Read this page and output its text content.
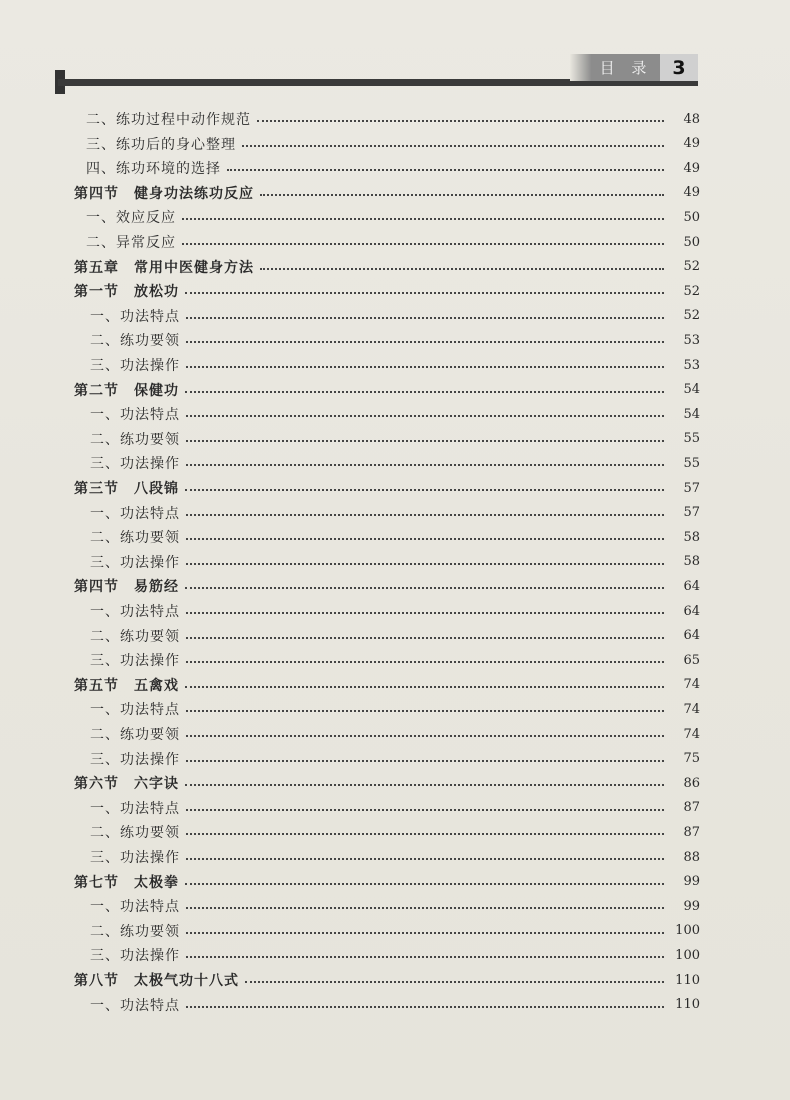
目 录	3
二、练功过程中动作规范	48
三、练功后的身心整理	49
四、练功环境的选择	49
第四节　健身功法练功反应	49
一、效应反应	50
二、异常反应	50
第五章　常用中医健身方法	52
第一节　放松功	52
一、功法特点	52
二、练功要领	53
三、功法操作	53
第二节　保健功	54
一、功法特点	54
二、练功要领	55
三、功法操作	55
第三节　八段锦	57
一、功法特点	57
二、练功要领	58
三、功法操作	58
第四节　易筋经	64
一、功法特点	64
二、练功要领	64
三、功法操作	65
第五节　五禽戏	74
一、功法特点	74
二、练功要领	74
三、功法操作	75
第六节　六字诀	86
一、功法特点	87
二、练功要领	87
三、功法操作	88
第七节　太极拳	99
一、功法特点	99
二、练功要领	100
三、功法操作	100
第八节　太极气功十八式	110
一、功法特点	110
